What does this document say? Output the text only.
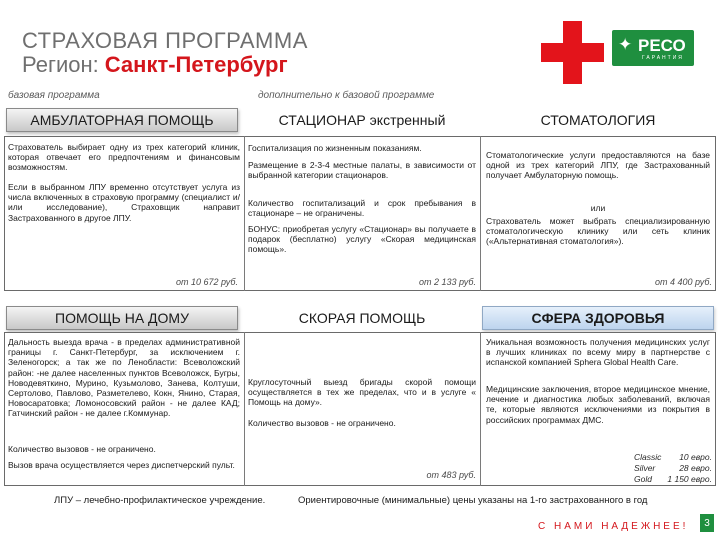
СТРАХОВАЯ ПРОГРАММА
Регион: Санкт-Петербург
✦ РЕСО
ГАРАНТИЯ
базовая программа	дополнительно к базовой программе
АМБУЛАТОРНАЯ ПОМОЩЬ	СТАЦИОНАР экстренный	СТОМАТОЛОГИЯ
Страхователь выбирает одну из трех категорий клиник, которая отвечает его предпочтениям и финансовым возможностям.
Если в выбранном ЛПУ временно отсутствует услуга из числа включенных в страховую программу (специалист и/или исследование), Страховщик направит Застрахованного в другое ЛПУ.
от 10 672 руб.
Госпитализация по жизненным показаниям.
Размещение в 2-3-4 местные палаты, в зависимости от выбранной категории стационаров.
Количество госпитализаций и срок пребывания в стационаре – не ограничены.
БОНУС: приобретая услугу «Стационар» вы получаете в подарок (бесплатно) услугу «Скорая медицинская помощь».
от 2 133 руб.
Стоматологические услуги предоставляются на базе одной из трех категорий ЛПУ, где Застрахованный получает Амбулаторную помощь.
или
Страхователь может выбрать специализированную стоматологическую клинику или сеть клиник («Альтернативная стоматология»).
от 4 400 руб.
ПОМОЩЬ НА ДОМУ	СКОРАЯ ПОМОЩЬ	СФЕРА ЗДОРОВЬЯ
Дальность выезда врача - в пределах административной границы г. Санкт-Петербург, за исключением г. Зеленогорск; а так же по Ленобласти: Всеволожский район: -не далее населенных пунктов Всеволожск, Бугры, Новодевяткино, Мурино, Кузьмолово, Занева, Колтуши, Сертолово, Павлово, Разметелево, Кокн, Янино, Старая, Новосаратовка; Ломоносовский район - не далее КАД; Гатчинский район - не далее г.Коммунар.
Количество вызовов - не ограничено.
Вызов врача осуществляется через диспетчерский пульт.
Круглосуточный выезд бригады скорой помощи осуществляется в тех же пределах, что и в услуге « Помощь на дому».
Количество вызовов - не ограничено.
от 483 руб.
Уникальная возможность получения медицинских услуг в лучших клиниках по всему миру в партнерстве с испанской компанией Sphera Global Health Care.
Медицинские заключения, второе медицинское мнение, лечение и диагностика любых заболеваний, включая те, которые являются исключениями из покрытия в российских программах ДМС.
Classic	10 евро.
Silver	28 евро.
Gold	1 150 евро.
ЛПУ – лечебно-профилактическое учреждение.	Ориентировочные (минимальные) цены указаны на 1-го застрахованного в год
С НАМИ НАДЕЖНЕЕ!	3
